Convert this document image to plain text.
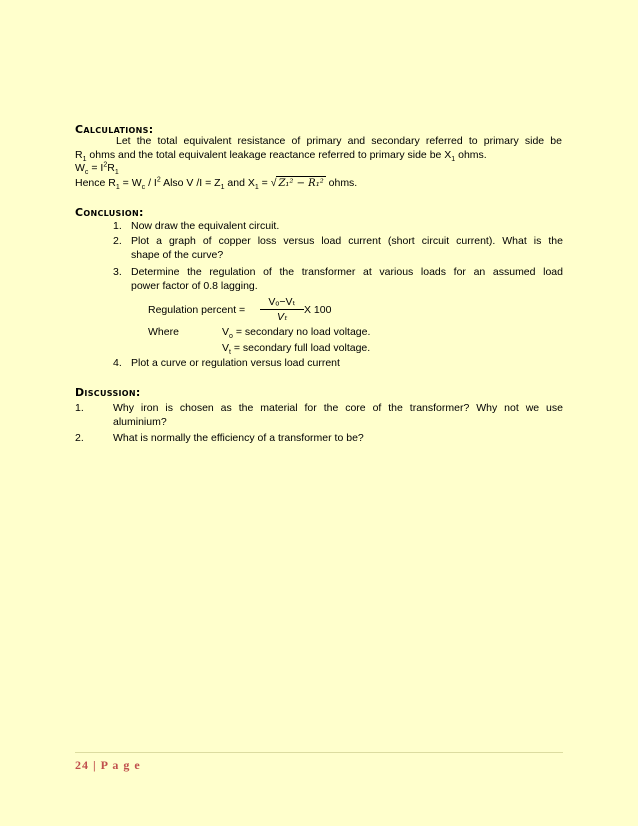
Calculations:
Let the total equivalent resistance of primary and secondary referred to primary side be
$R_1$ ohms and the total equivalent leakage reactance referred to primary side be $X_1$ ohms.
$W_c = I^2R_1$
Hence $R_1 = W_c / I^2$ Also V $/I = Z_1$ and $X_1$ = √ Z₁² − R₁² ohms.
Conclusion:
1. Now draw the equivalent circuit.
2. Plot a graph of copper loss versus load current (short circuit current). What is the
shape of the curve?
3. Determine the regulation of the transformer at various loads for an assumed load
power factor of 0.8 lagging.
Regulation percent =
Vₒ−Vₜ
Vₜ
X 100
Where	$V_o$ = secondary no load voltage.
$V_t$ = secondary full load voltage.
4. Plot a curve or regulation versus load current
Discussion:
1.	Why iron is chosen as the material for the core of the transformer? Why not we use
aluminium?
2.	What is normally the efficiency of a transformer to be?
24 | P a g e
